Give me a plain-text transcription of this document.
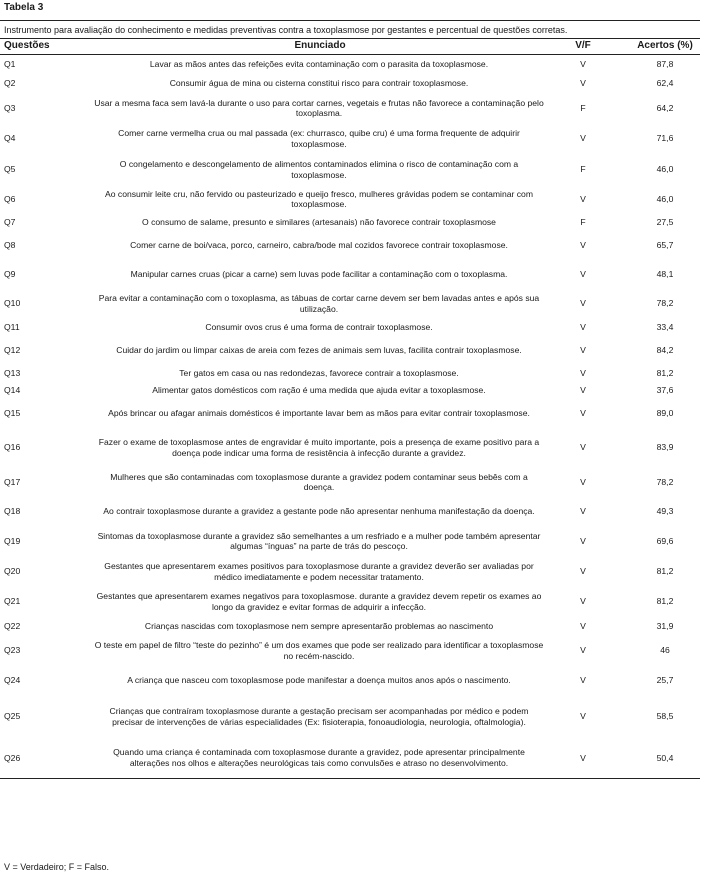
Tabela 3
Instrumento para avaliação do conhecimento e medidas preventivas contra a toxoplasmose por gestantes e percentual de questões corretas.
Questões	Enunciado	V/F	Acertos (%)
Q1	Lavar as mãos antes das refeições evita contaminação com o parasita da toxoplasmose.	V	87,8
Q2	Consumir água de mina ou cisterna constitui risco para contrair toxoplasmose.	V	62,4
Q3	Usar a mesma faca sem lavá-la durante o uso para cortar carnes, vegetais e frutas não favorece a contaminação pelo toxoplasma.	F	64,2
Q4	Comer carne vermelha crua ou mal passada (ex: churrasco, quibe cru) é uma forma frequente de adquirir toxoplasmose.	V	71,6
Q5	O congelamento e descongelamento de alimentos contaminados elimina o risco de contaminação com a toxoplasmose.	F	46,0
Q6	Ao consumir leite cru, não fervido ou pasteurizado e queijo fresco, mulheres grávidas podem se contaminar com toxoplasmose.	V	46,0
Q7	O consumo de salame, presunto e similares (artesanais) não favorece contrair toxoplasmose	F	27,5
Q8	Comer carne de boi/vaca, porco, carneiro, cabra/bode mal cozidos favorece contrair toxoplasmose.	V	65,7
Q9	Manipular carnes cruas (picar a carne) sem luvas pode facilitar a contaminação com o toxoplasma.	V	48,1
Q10	Para evitar a contaminação com o toxoplasma, as tábuas de cortar carne devem ser bem lavadas antes e após sua utilização.	V	78,2
Q11	Consumir ovos crus é uma forma de contrair toxoplasmose.	V	33,4
Q12	Cuidar do jardim ou limpar caixas de areia com fezes de animais sem luvas, facilita contrair toxoplasmose.	V	84,2
Q13	Ter gatos em casa ou nas redondezas, favorece contrair a toxoplasmose.	V	81,2
Q14	Alimentar gatos domésticos com ração é uma medida que ajuda evitar a toxoplasmose.	V	37,6
Q15	Após brincar ou afagar animais domésticos é importante lavar bem as mãos para evitar contrair toxoplasmose.	V	89,0
Q16	Fazer o exame de toxoplasmose antes de engravidar é muito importante, pois a presença de exame positivo para a doença pode indicar uma forma de resistência à infecção durante a gravidez.	V	83,9
Q17	Mulheres que são contaminadas com toxoplasmose durante a gravidez podem contaminar seus bebês com a doença.	V	78,2
Q18	Ao contrair toxoplasmose durante a gravidez a gestante pode não apresentar nenhuma manifestação da doença.	V	49,3
Q19	Sintomas da toxoplasmose durante a gravidez são semelhantes a um resfriado e a mulher pode também apresentar algumas “ínguas” na parte de trás do pescoço.	V	69,6
Q20	Gestantes que apresentarem exames positivos para toxoplasmose durante a gravidez deverão ser avaliadas por médico imediatamente e podem necessitar tratamento.	V	81,2
Q21	Gestantes que apresentarem exames negativos para toxoplasmose. durante a gravidez devem repetir os exames ao longo da gravidez e evitar formas de adquirir a infecção.	V	81,2
Q22	Crianças nascidas com toxoplasmose nem sempre apresentarão problemas ao nascimento	V	31,9
Q23	O teste em papel de filtro “teste do pezinho” é um dos exames que pode ser realizado para identificar a toxoplasmose no recém-nascido.	V	46
Q24	A criança que nasceu com toxoplasmose pode manifestar a doença muitos anos após o nascimento.	V	25,7
Q25	Crianças que contraíram toxoplasmose durante a gestação precisam ser acompanhadas por médico e podem precisar de intervenções de várias especialidades (Ex: fisioterapia, fonoaudiologia, neurologia, oftalmologia).	V	58,5
Q26	Quando uma criança é contaminada com toxoplasmose durante a gravidez, pode apresentar principalmente alterações nos olhos e alterações neurológicas tais como convulsões e atraso no desenvolvimento.	V	50,4
V = Verdadeiro; F = Falso.
